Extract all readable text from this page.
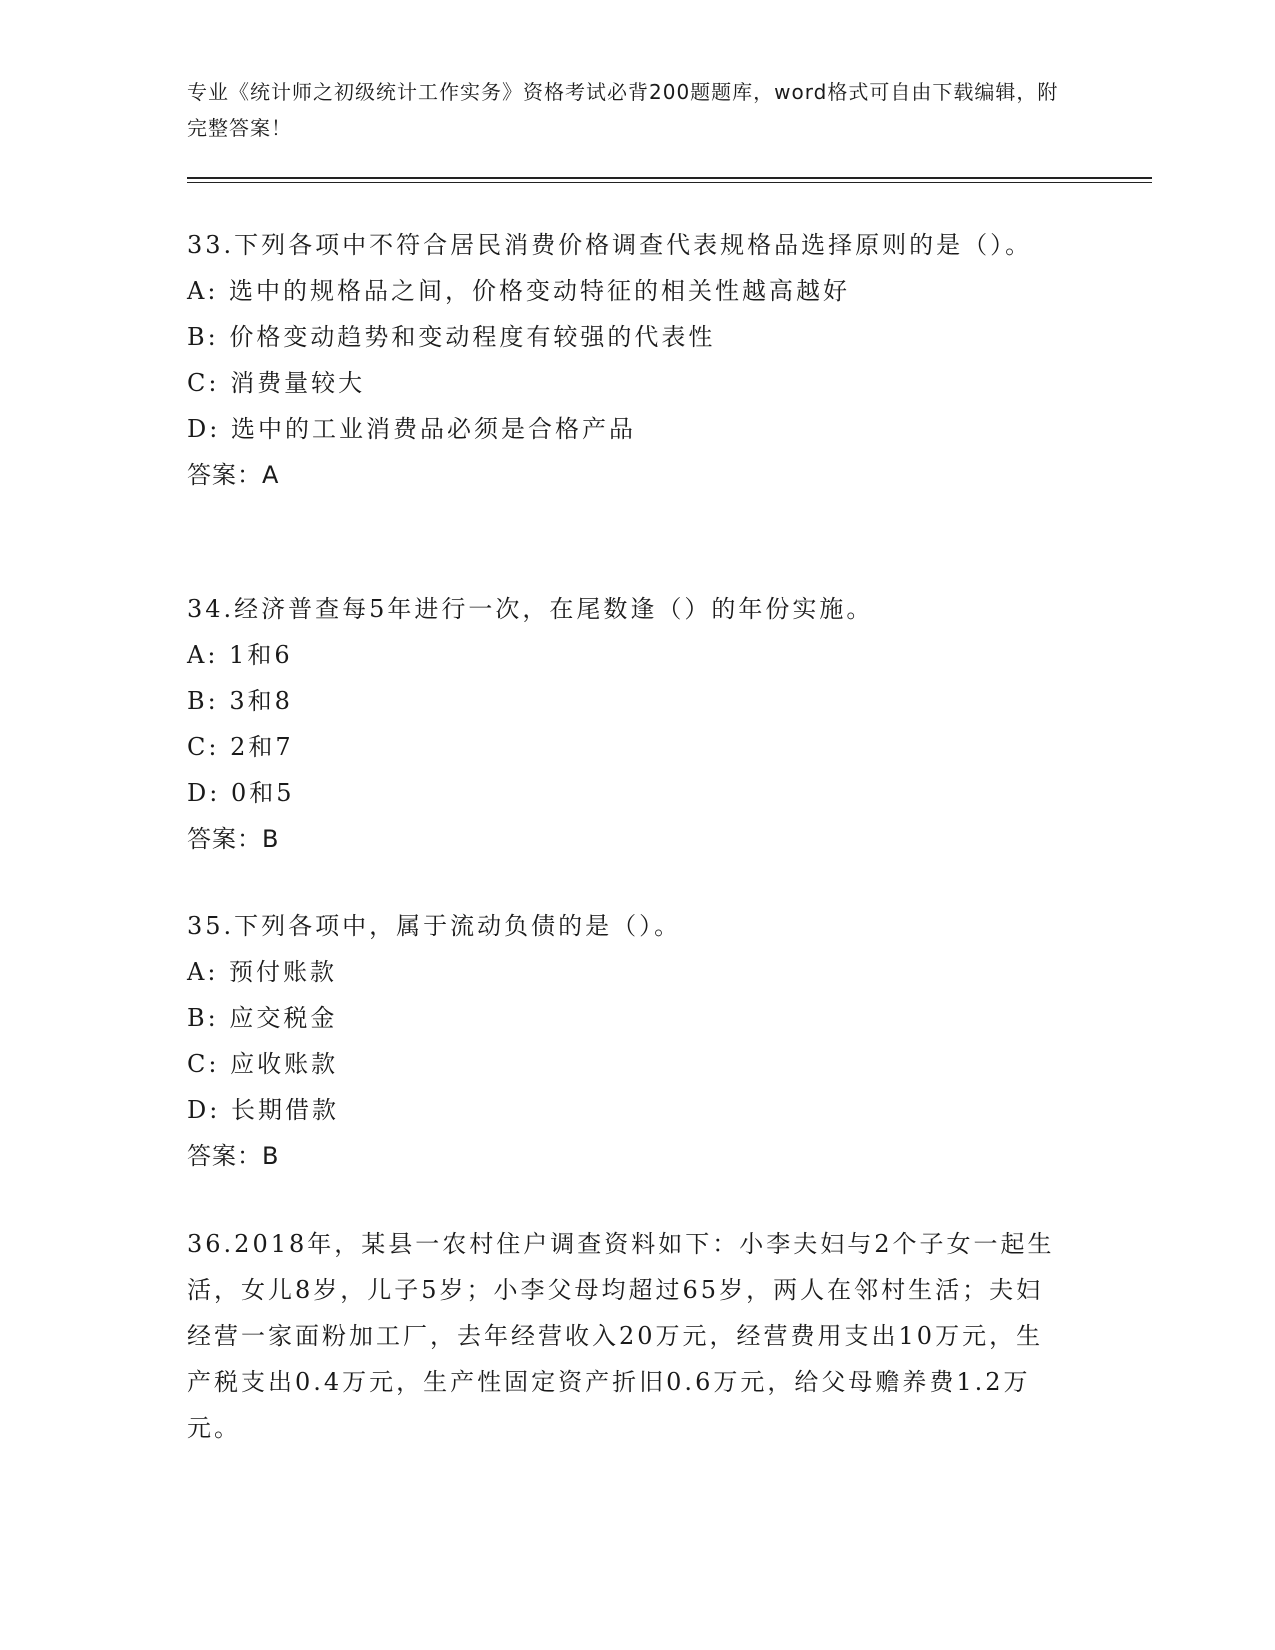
专业《统计师之初级统计工作实务》资格考试必背200题题库，word格式可自由下载编辑，附完整答案！

33.下列各项中不符合居民消费价格调查代表规格品选择原则的是（）。

A: 选中的规格品之间，价格变动特征的相关性越高越好

B: 价格变动趋势和变动程度有较强的代表性

C: 消费量较大

D: 选中的工业消费品必须是合格产品

答案：A

34.经济普查每5年进行一次，在尾数逢（）的年份实施。

A: 1和6

B: 3和8

C: 2和7

D: 0和5

答案：B

35.下列各项中，属于流动负债的是（）。

A: 预付账款

B: 应交税金

C: 应收账款

D: 长期借款

答案：B

36.2018年，某县一农村住户调查资料如下：小李夫妇与2个子女一起生活，女儿8岁，儿子5岁；小李父母均超过65岁，两人在邻村生活；夫妇经营一家面粉加工厂，去年经营收入20万元，经营费用支出10万元，生产税支出0.4万元，生产性固定资产折旧0.6万元，给父母赡养费1.2万元。
